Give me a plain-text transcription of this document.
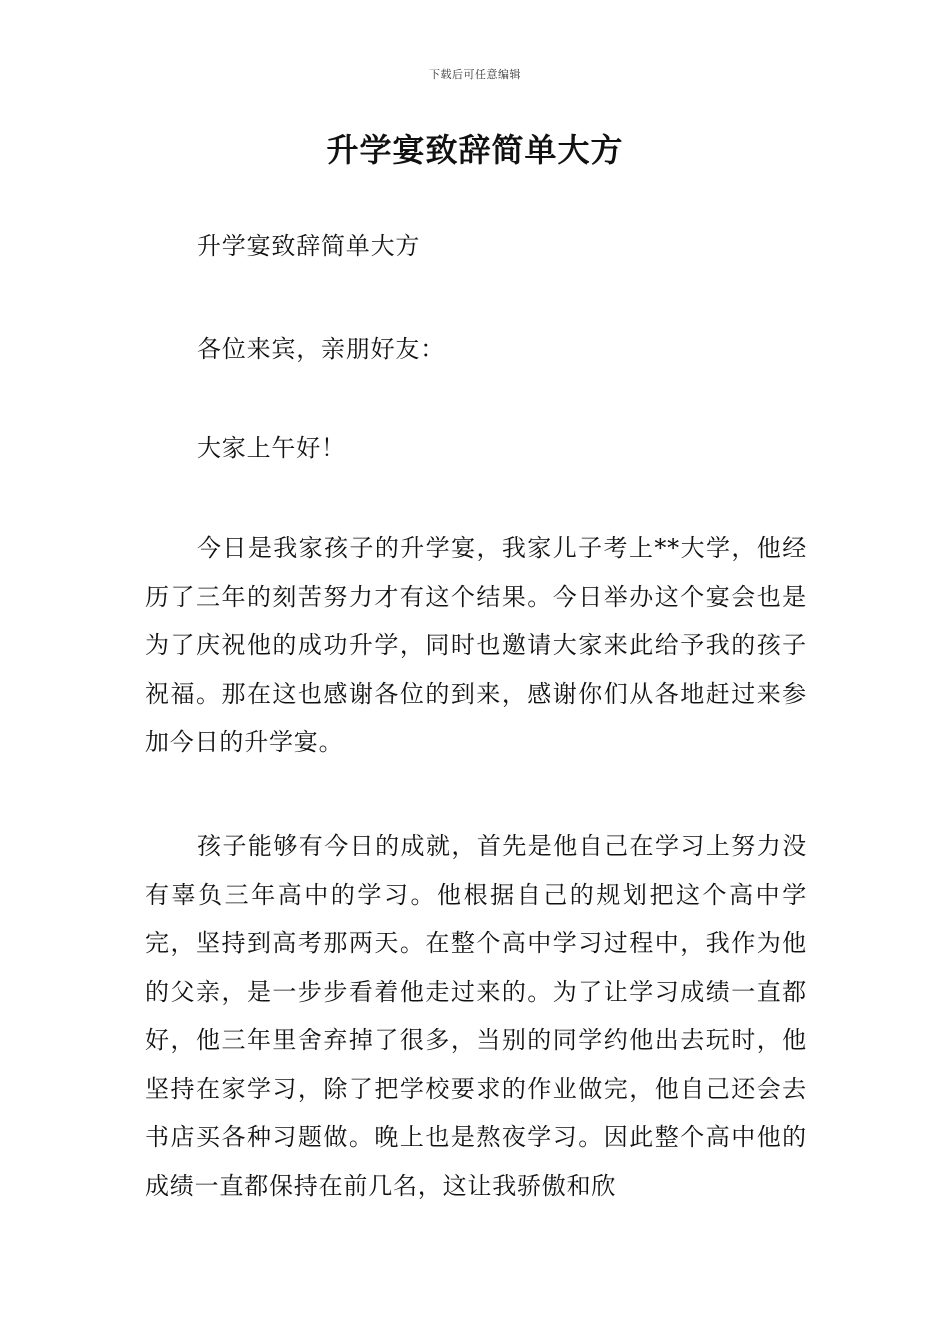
下载后可任意编辑
升学宴致辞简单大方

升学宴致辞简单大方

各位来宾，亲朋好友：

大家上午好！

今日是我家孩子的升学宴，我家儿子考上**大学，他经历了三年的刻苦努力才有这个结果。今日举办这个宴会也是为了庆祝他的成功升学，同时也邀请大家来此给予我的孩子祝福。那在这也感谢各位的到来，感谢你们从各地赶过来参加今日的升学宴。

孩子能够有今日的成就，首先是他自己在学习上努力没有辜负三年高中的学习。他根据自己的规划把这个高中学完，坚持到高考那两天。在整个高中学习过程中，我作为他的父亲，是一步步看着他走过来的。为了让学习成绩一直都好，他三年里舍弃掉了很多，当别的同学约他出去玩时，他坚持在家学习，除了把学校要求的作业做完，他自己还会去书店买各种习题做。晚上也是熬夜学习。因此整个高中他的成绩一直都保持在前几名，这让我骄傲和欣
